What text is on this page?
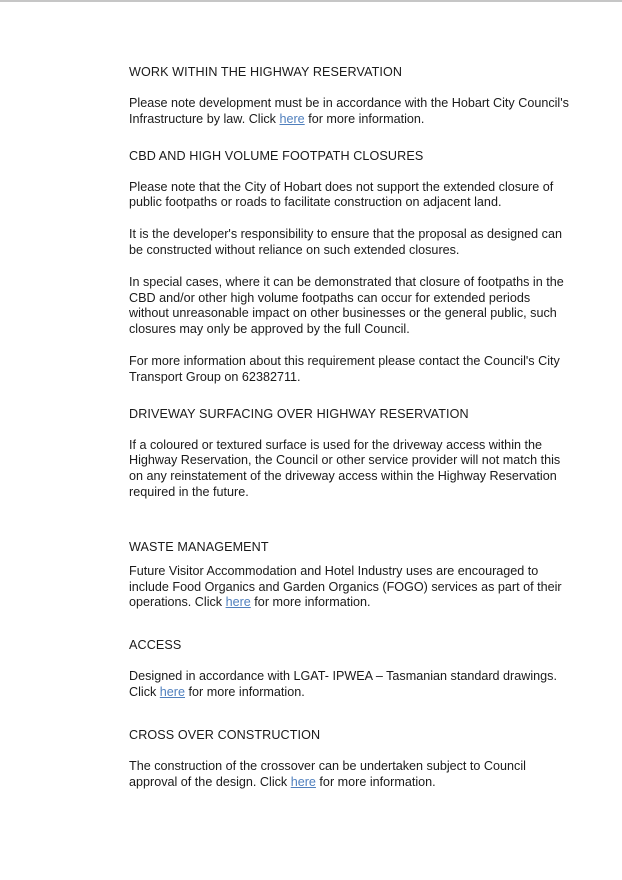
WORK WITHIN THE HIGHWAY RESERVATION

Please note development must be in accordance with the Hobart City Council's Infrastructure by law. Click here for more information.

CBD AND HIGH VOLUME FOOTPATH CLOSURES

Please note that the City of Hobart does not support the extended closure of public footpaths or roads to facilitate construction on adjacent land.

It is the developer's responsibility to ensure that the proposal as designed can be constructed without reliance on such extended closures.

In special cases, where it can be demonstrated that closure of footpaths in the CBD and/or other high volume footpaths can occur for extended periods without unreasonable impact on other businesses or the general public, such closures may only be approved by the full Council.

For more information about this requirement please contact the Council's City Transport Group on 62382711.

DRIVEWAY SURFACING OVER HIGHWAY RESERVATION

If a coloured or textured surface is used for the driveway access within the Highway Reservation, the Council or other service provider will not match this on any reinstatement of the driveway access within the Highway Reservation required in the future.

WASTE MANAGEMENT

Future Visitor Accommodation and Hotel Industry uses are encouraged to include Food Organics and Garden Organics (FOGO) services as part of their operations. Click here for more information.

ACCESS

Designed in accordance with LGAT- IPWEA – Tasmanian standard drawings. Click here for more information.

CROSS OVER CONSTRUCTION

The construction of the crossover can be undertaken subject to Council approval of the design. Click here for more information.
